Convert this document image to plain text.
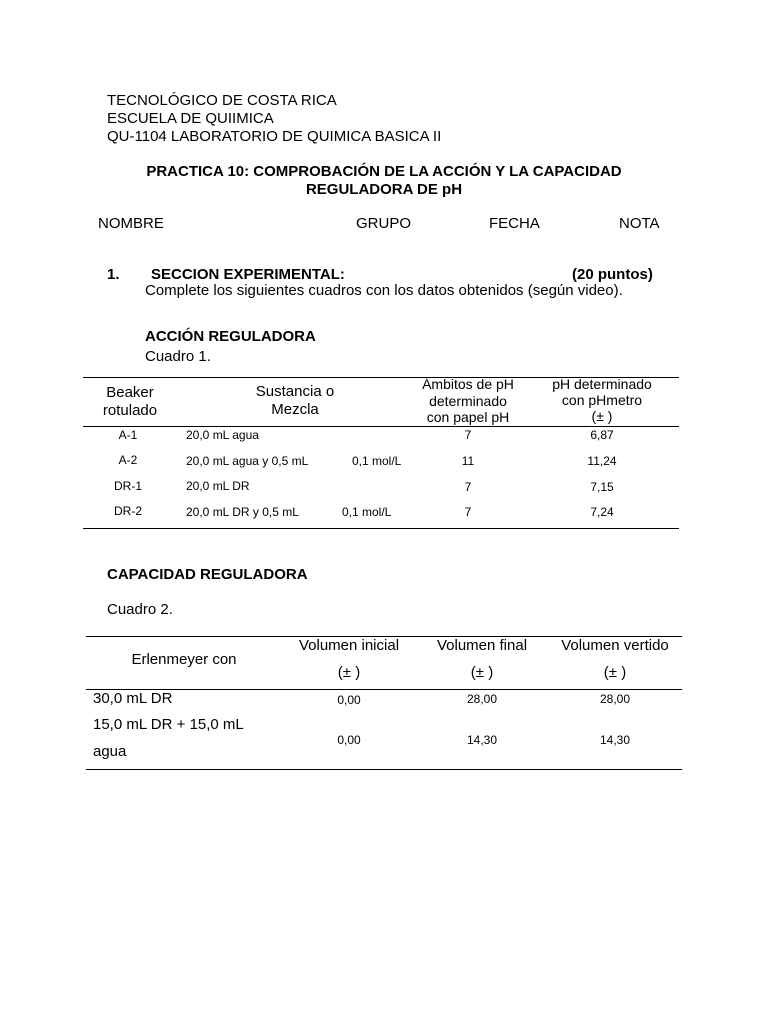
TECNOLÓGICO DE COSTA RICA
ESCUELA DE QUIIMICA
QU-1104 LABORATORIO DE QUIMICA BASICA II
PRACTICA 10: COMPROBACIÓN DE LA ACCIÓN Y LA CAPACIDAD
REGULADORA DE pH
NOMBRE	GRUPO	FECHA	NOTA
1. SECCION EXPERIMENTAL:	(20 puntos)
Complete los siguientes cuadros con los datos obtenidos (según video).
ACCIÓN REGULADORA
Cuadro 1.
Beaker
rotulado
Sustancia o
Mezcla
Ámbitos de pH
determinado
con papel pH
pH determinado
con pHmetro
(± )
A-1	20,0 mL agua	7	6,87
A-2	20,0 mL agua y 0,5 mL	0,1 mol/L	11	11,24
DR-1	20,0 mL DR	7	7,15
DR-2	20,0 mL DR y 0,5 mL	0,1 mol/L	7	7,24
CAPACIDAD REGULADORA
Cuadro 2.
Erlenmeyer con
Volumen inicial
(± )
Volumen final
(± )
Volumen vertido
(± )
30,0 mL DR	0,00	28,00	28,00
15,0 mL DR + 15,0 mL
agua
0,00	14,30	14,30
